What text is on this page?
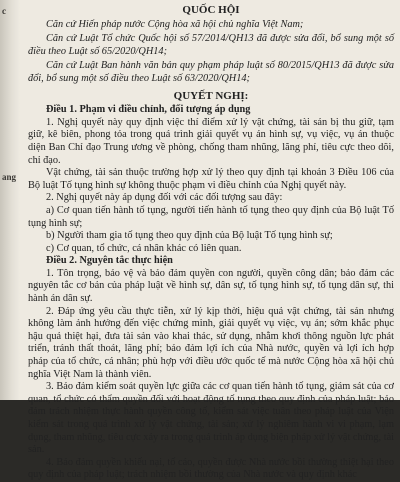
c
ang
QUỐC HỘI

Căn cứ Hiến pháp nước Cộng hòa xã hội chủ nghĩa Việt Nam;

Căn cứ Luật Tổ chức Quốc hội số 57/2014/QH13 đã được sửa đổi, bổ sung một số điều theo Luật số 65/2020/QH14;

Căn cứ Luật Ban hành văn bản quy phạm pháp luật số 80/2015/QH13 đã được sửa đổi, bổ sung một số điều theo Luật số 63/2020/QH14;

QUYẾT NGHỊ:

Điều 1. Phạm vi điều chỉnh, đối tượng áp dụng

1. Nghị quyết này quy định việc thí điểm xử lý vật chứng, tài sản bị thu giữ, tạm giữ, kê biên, phong tỏa trong quá trình giải quyết vụ án hình sự, vụ việc, vụ án thuộc diện Ban Chỉ đạo Trung ương về phòng, chống tham nhũng, lãng phí, tiêu cực theo dõi, chỉ đạo.

Vật chứng, tài sản thuộc trường hợp xử lý theo quy định tại khoản 3 Điều 106 của Bộ luật Tố tụng hình sự không thuộc phạm vi điều chỉnh của Nghị quyết này.

2. Nghị quyết này áp dụng đối với các đối tượng sau đây:

a) Cơ quan tiến hành tố tụng, người tiến hành tố tụng theo quy định của Bộ luật Tố tụng hình sự;

b) Người tham gia tố tụng theo quy định của Bộ luật Tố tụng hình sự;

c) Cơ quan, tổ chức, cá nhân khác có liên quan.

Điều 2. Nguyên tắc thực hiện

1. Tôn trọng, bảo vệ và bảo đảm quyền con người, quyền công dân; bảo đảm các nguyên tắc cơ bản của pháp luật về hình sự, dân sự, tố tụng hình sự, tố tụng dân sự, thi hành án dân sự.

2. Đáp ứng yêu cầu thực tiễn, xử lý kịp thời, hiệu quả vật chứng, tài sản nhưng không làm ảnh hưởng đến việc chứng minh, giải quyết vụ việc, vụ án; sớm khắc phục hậu quả thiệt hại, đưa tài sản vào khai thác, sử dụng, nhằm khơi thông nguồn lực phát triển, tránh thất thoát, lãng phí; bảo đảm lợi ích của Nhà nước, quyền và lợi ích hợp pháp của tổ chức, cá nhân; phù hợp với điều ước quốc tế mà nước Cộng hòa xã hội chủ nghĩa Việt Nam là thành viên.

3. Bảo đảm kiểm soát quyền lực giữa các cơ quan tiến hành tố tụng, giám sát của cơ quan, tổ chức có thẩm quyền đối với hoạt động tố tụng theo quy định của pháp luật; bảo đảm trách nhiệm thực hành quyền công tố, kiểm sát việc tuân theo pháp luật của Viện kiểm sát trong quá trình xử lý vật chứng, tài sản; xử lý nghiêm hành vi vi phạm, lạm dụng, tham nhũng, tiêu cực xảy ra trong quá trình áp dụng biện pháp xử lý vật chứng, tài sản.

4. Bảo đảm quyền khiếu nại, tố cáo, quyền được Nhà nước bồi thường thiệt hại theo quy định của pháp luật; trách nhiệm bồi thường của Nhà nước và quy định khác
